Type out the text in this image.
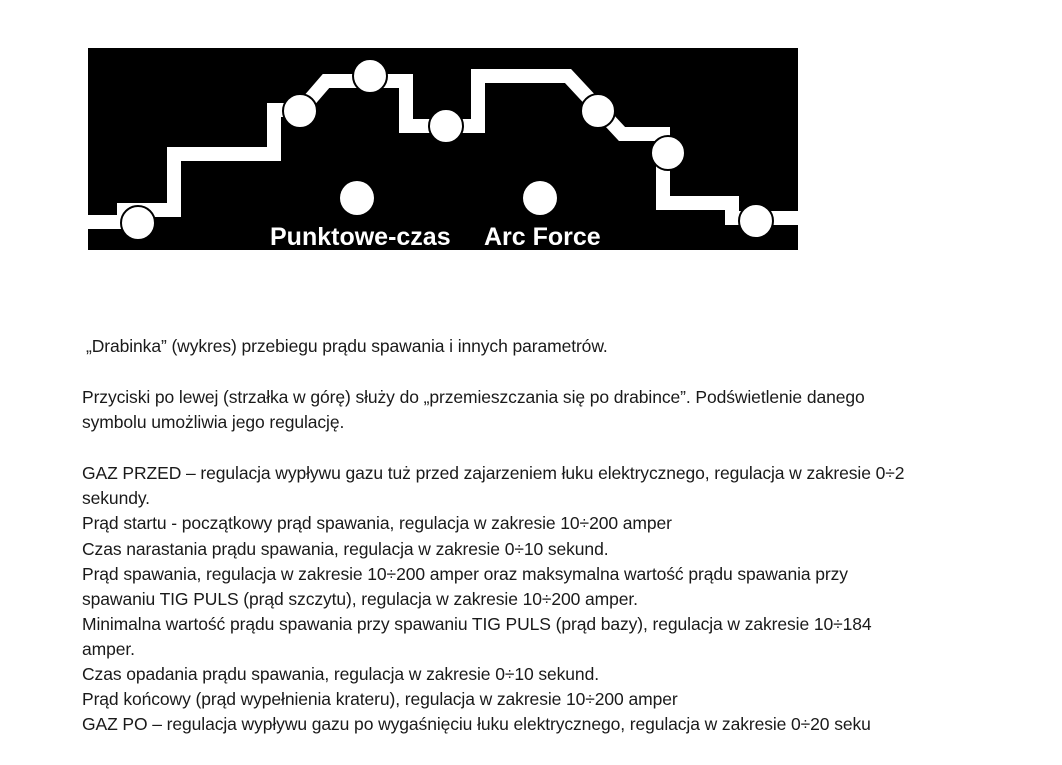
Punktowe-czas Arc Force
„Drabinka” (wykres) przebiegu prądu spawania i innych parametrów.
Przyciski po lewej (strzałka w górę) służy do „przemieszczania się po drabince”. Podświetlenie danego
symbolu umożliwia jego regulację.
GAZ PRZED – regulacja wypływu gazu tuż przed zajarzeniem łuku elektrycznego, regulacja w zakresie 0÷2
sekundy.
Prąd startu - początkowy prąd spawania, regulacja w zakresie 10÷200 amper
Czas narastania prądu spawania, regulacja w zakresie 0÷10 sekund.
Prąd spawania, regulacja w zakresie 10÷200 amper oraz maksymalna wartość prądu spawania przy
spawaniu TIG PULS (prąd szczytu), regulacja w zakresie 10÷200 amper.
Minimalna wartość prądu spawania przy spawaniu TIG PULS (prąd bazy), regulacja w zakresie 10÷184
amper.
Czas opadania prądu spawania, regulacja w zakresie 0÷10 sekund.
Prąd końcowy (prąd wypełnienia krateru), regulacja w zakresie 10÷200 amper
GAZ PO – regulacja wypływu gazu po wygaśnięciu łuku elektrycznego, regulacja w zakresie 0÷20 seku
